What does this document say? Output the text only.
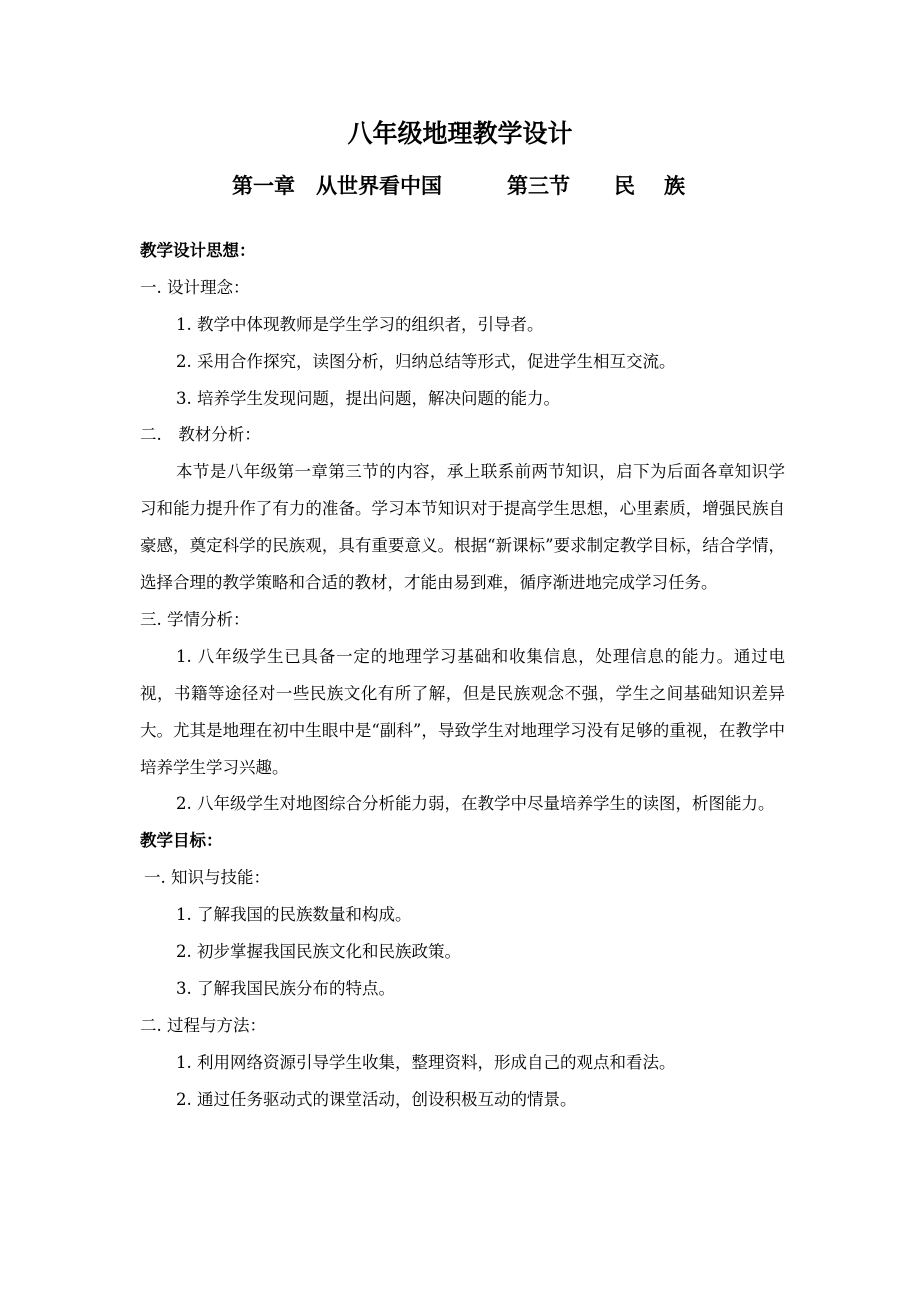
八年级地理教学设计
第一章　从世界看中国	第三节 民 族
教学设计思想：
一. 设计理念：
1. 教学中体现教师是学生学习的组织者，引导者。
2. 采用合作探究，读图分析，归纳总结等形式，促进学生相互交流。
3. 培养学生发现问题，提出问题，解决问题的能力。
二.　教材分析：
本节是八年级第一章第三节的内容，承上联系前两节知识，启下为后面各章知识学习和能力提升作了有力的准备。学习本节知识对于提高学生思想，心里素质，增强民族自豪感，奠定科学的民族观，具有重要意义。根据“新课标”要求制定教学目标，结合学情，选择合理的教学策略和合适的教材，才能由易到难，循序渐进地完成学习任务。
三. 学情分析：
1. 八年级学生已具备一定的地理学习基础和收集信息，处理信息的能力。通过电视，书籍等途径对一些民族文化有所了解，但是民族观念不强，学生之间基础知识差异大。尤其是地理在初中生眼中是“副科”，导致学生对地理学习没有足够的重视，在教学中培养学生学习兴趣。
2. 八年级学生对地图综合分析能力弱，在教学中尽量培养学生的读图，析图能力。
教学目标：
一. 知识与技能：
1. 了解我国的民族数量和构成。
2. 初步掌握我国民族文化和民族政策。
3. 了解我国民族分布的特点。
二. 过程与方法：
1. 利用网络资源引导学生收集，整理资料，形成自己的观点和看法。
2. 通过任务驱动式的课堂活动，创设积极互动的情景。
